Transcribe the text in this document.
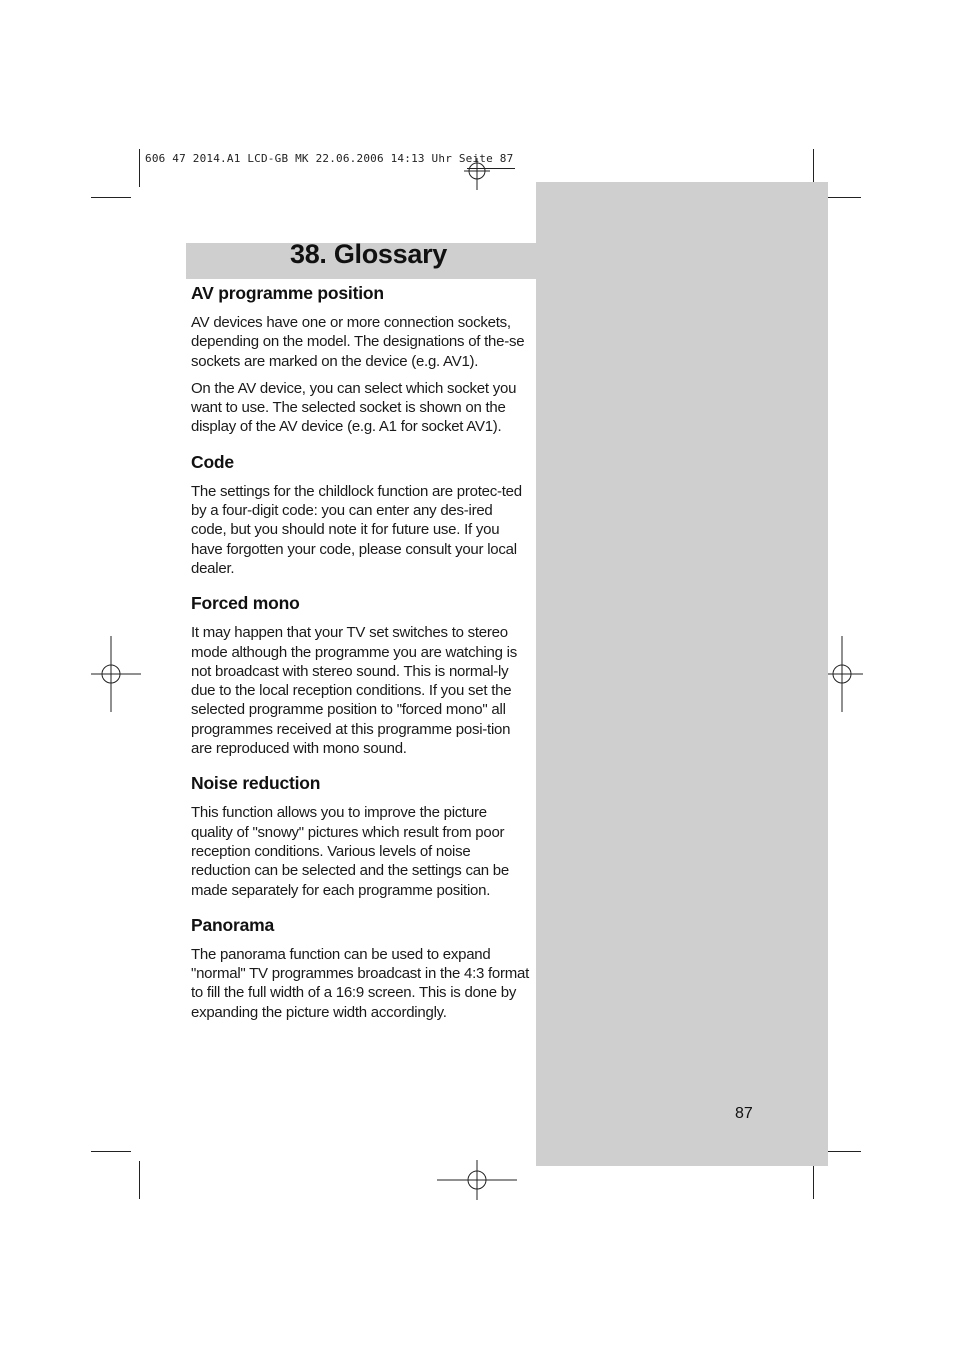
606 47 2014.A1 LCD-GB MK 22.06.2006 14:13 Uhr Seite 87
38. Glossary
AV programme position

AV devices have one or more connection sockets, depending on the model. The designations of the-se sockets are marked on the device (e.g. AV1).

On the AV device, you can select which socket you want to use. The selected socket is shown on the display of the AV device (e.g. A1 for socket AV1).

Code

The settings for the childlock function are protec-ted by a four-digit code: you can enter any des-ired code, but you should note it for future use. If you have forgotten your code, please consult your local dealer.

Forced mono

It may happen that your TV set switches to stereo mode although the programme you are watching is not broadcast with stereo sound. This is normal-ly due to the local reception conditions. If you set the selected programme position to "forced mono" all programmes received at this programme posi-tion are reproduced with mono sound.

Noise reduction

This function allows you to improve the picture quality of "snowy" pictures which result from poor reception conditions. Various levels of noise reduction can be selected and the settings can be made separately for each programme position.

Panorama

The panorama function can be used to expand "normal" TV programmes broadcast in the 4:3 format to fill the full width of a 16:9 screen. This is done by expanding the picture width accordingly.

87
